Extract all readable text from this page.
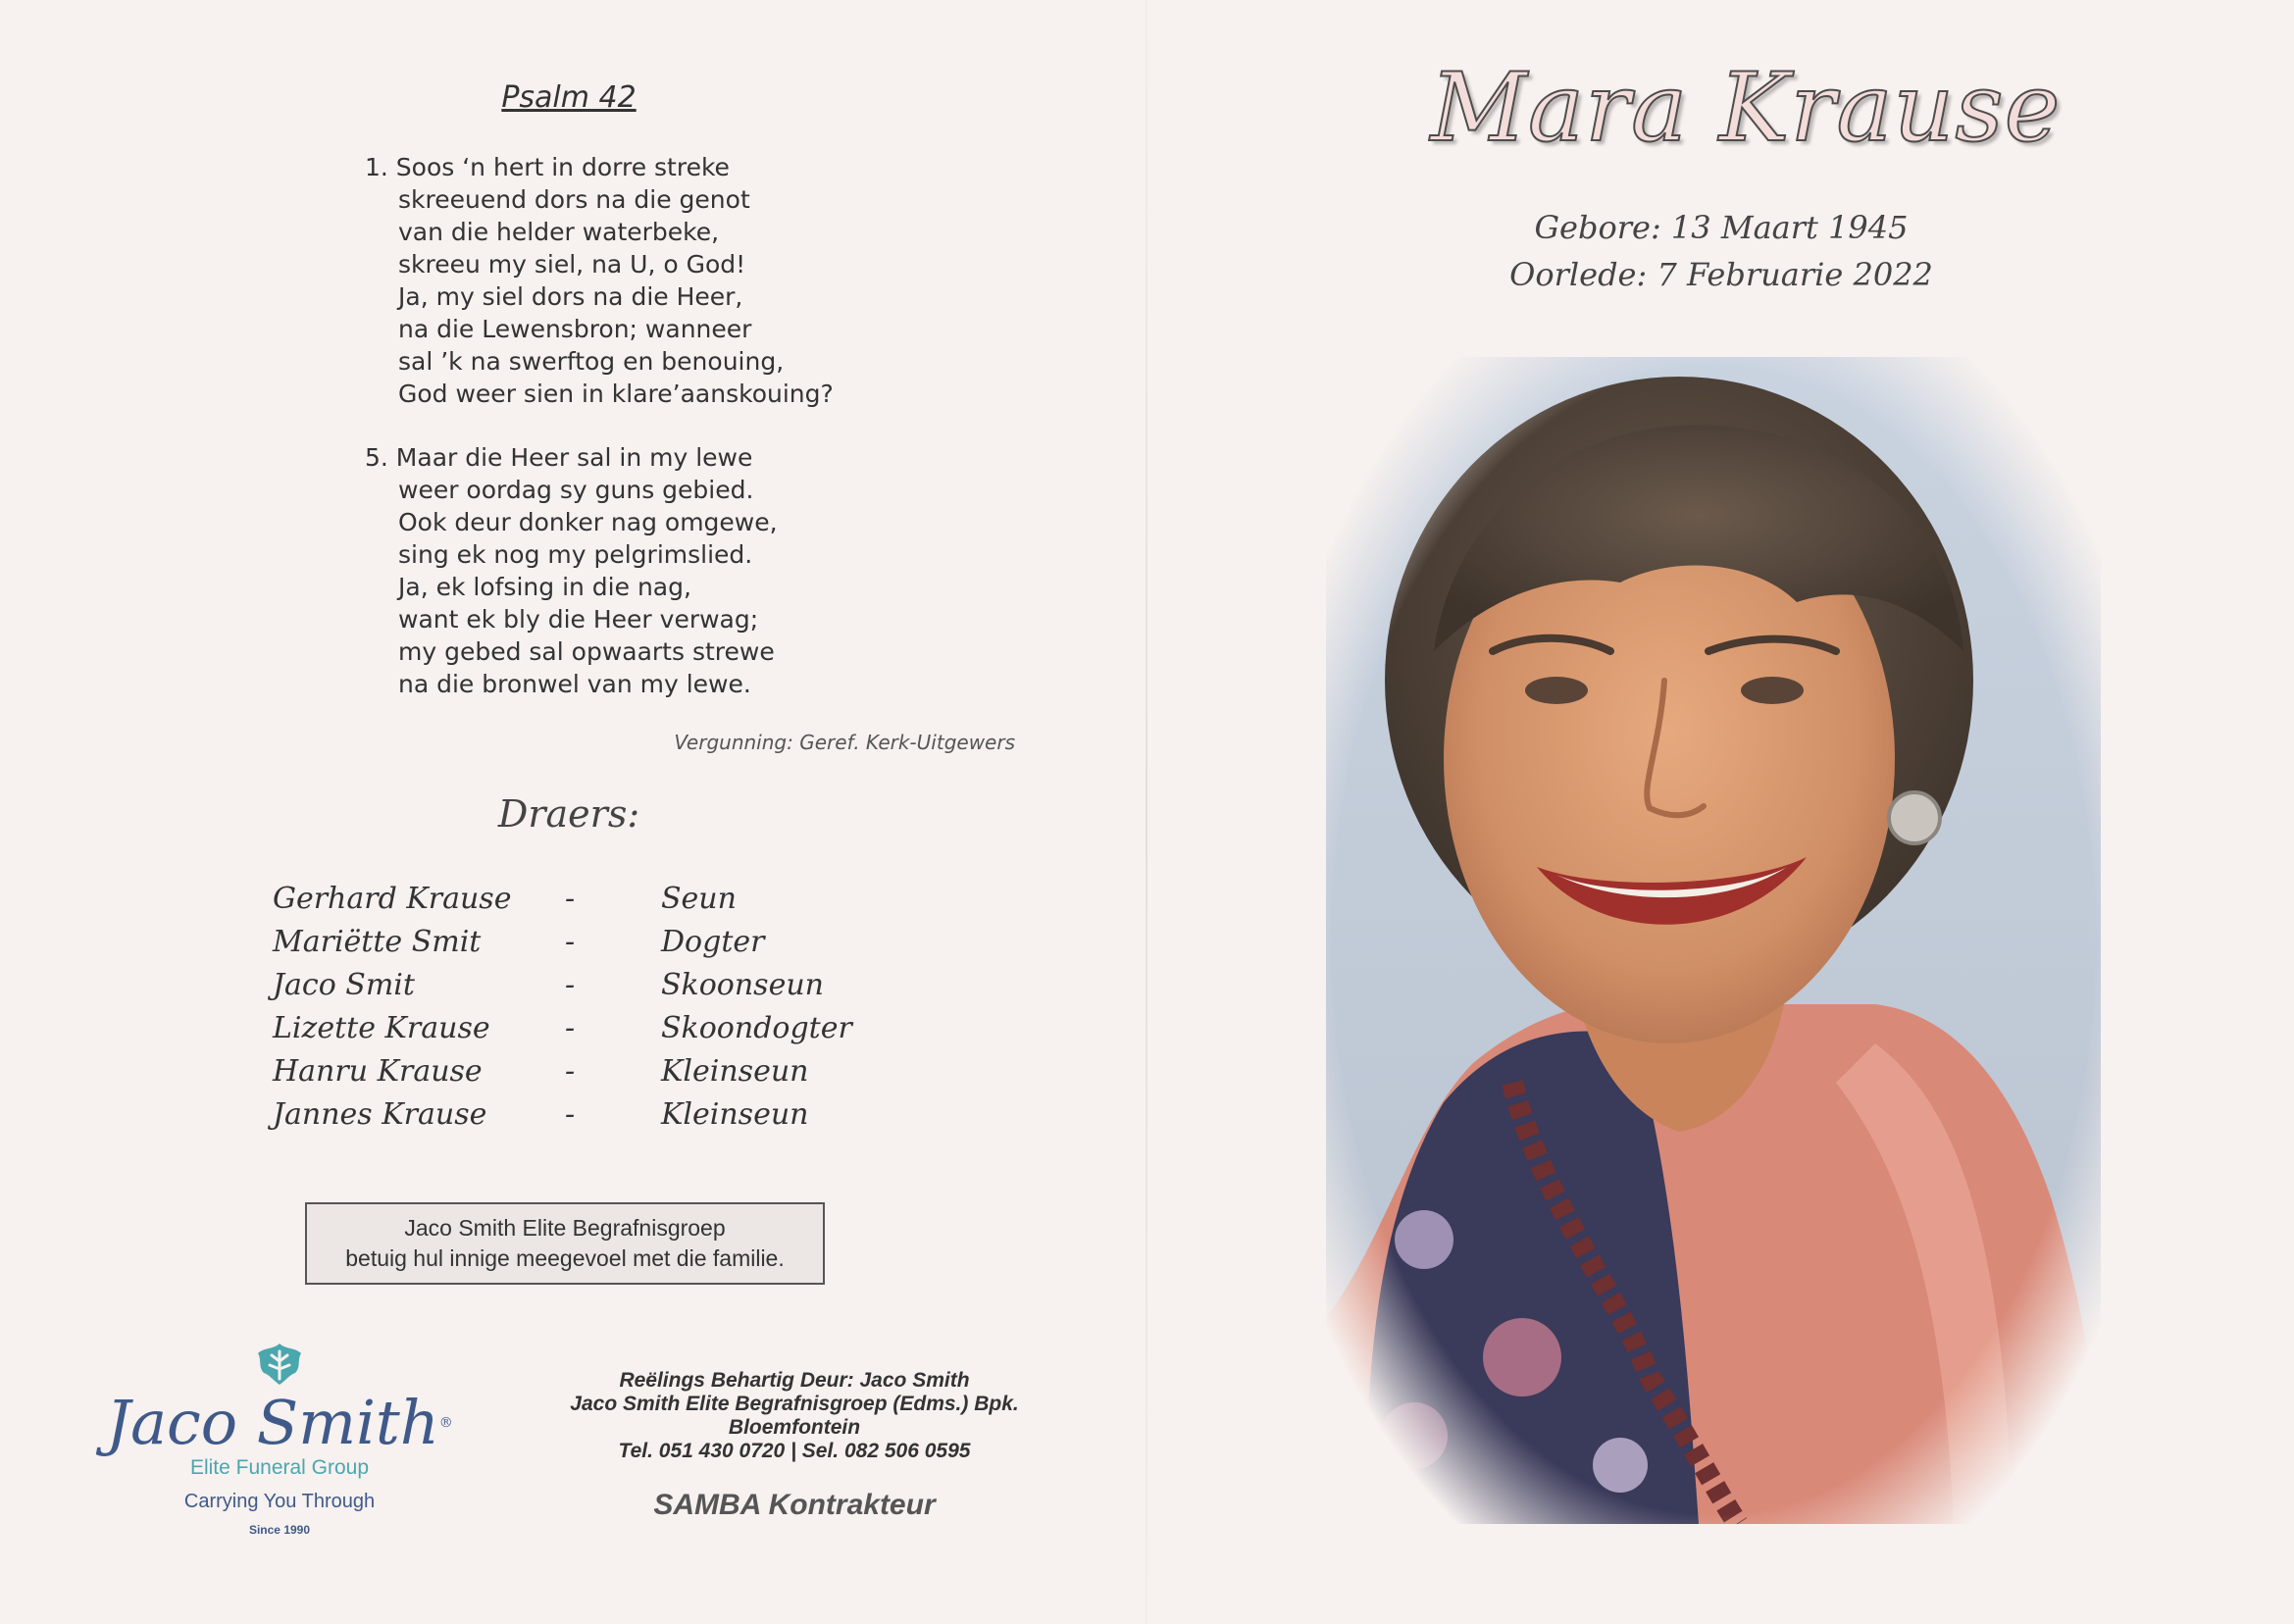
Psalm 42
1. Soos ‘n hert in dorre streke
skreeuend dors na die genot
van die helder waterbeke,
skreeu my siel, na U, o God!
Ja, my siel dors na die Heer,
na die Lewensbron; wanneer
sal ’k na swerftog en benouing,
God weer sien in klare’aanskouing?
5. Maar die Heer sal in my lewe
weer oordag sy guns gebied.
Ook deur donker nag omgewe,
sing ek nog my pelgrimslied.
Ja, ek lofsing in die nag,
want ek bly die Heer verwag;
my gebed sal opwaarts strewe
na die bronwel van my lewe.
Vergunning: Geref. Kerk-Uitgewers
Draers:
Gerhard Krause	-	Seun
Mariëtte Smit	-	Dogter
Jaco Smit	-	Skoonseun
Lizette Krause	-	Skoondogter
Hanru Krause	-	Kleinseun
Jannes Krause	-	Kleinseun
Jaco Smith Elite Begrafnisgroep
betuig hul innige meegevoel met die familie.
Jaco Smith®
Elite Funeral Group
Carrying You Through
Since 1990
Reëlings Behartig Deur: Jaco Smith
Jaco Smith Elite Begrafnisgroep (Edms.) Bpk.
Bloemfontein
Tel. 051 430 0720 | Sel. 082 506 0595
SAMBA Kontrakteur
Mara Krause
Gebore: 13 Maart 1945
Oorlede: 7 Februarie 2022
